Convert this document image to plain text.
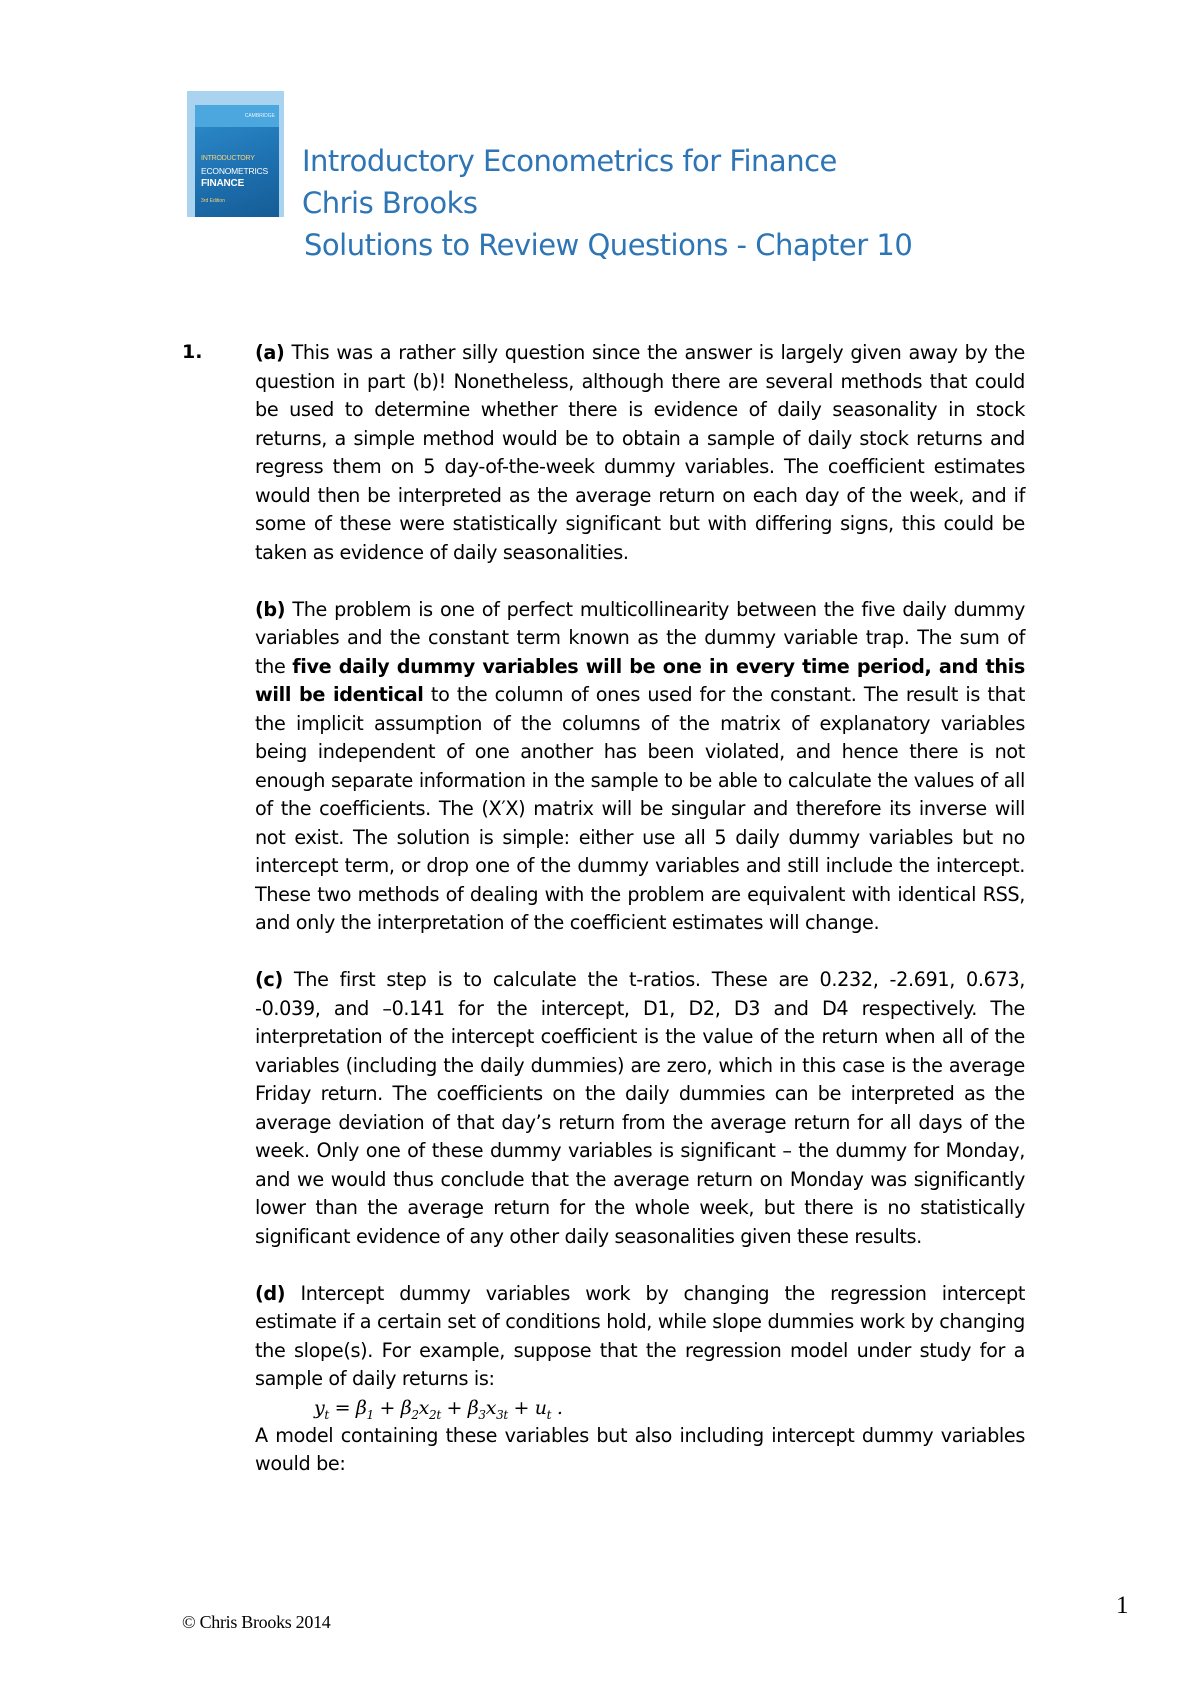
CAMBRIDGE
INTRODUCTORY
ECONOMETRICS
FINANCE
3rd Edition
Introductory Econometrics for Finance
Chris Brooks
Solutions to Review Questions - Chapter 10
1.	(a) This was a rather silly question since the answer is largely given away by the question in part (b)! Nonetheless, although there are several methods that could be used to determine whether there is evidence of daily seasonality in stock returns, a simple method would be to obtain a sample of daily stock returns and regress them on 5 day-of-the-week dummy variables. The coefficient estimates would then be interpreted as the average return on each day of the week, and if some of these were statistically significant but with differing signs, this could be taken as evidence of daily seasonalities.

(b) The problem is one of perfect multicollinearity between the five daily dummy variables and the constant term known as the dummy variable trap. The sum of the five daily dummy variables will be one in every time period, and this will be identical to the column of ones used for the constant. The result is that the implicit assumption of the columns of the matrix of explanatory variables being independent of one another has been violated, and hence there is not enough separate information in the sample to be able to calculate the values of all of the coefficients. The (X′X) matrix will be singular and therefore its inverse will not exist. The solution is simple: either use all 5 daily dummy variables but no intercept term, or drop one of the dummy variables and still include the intercept. These two methods of dealing with the problem are equivalent with identical RSS, and only the interpretation of the coefficient estimates will change.

(c) The first step is to calculate the t-ratios. These are 0.232, -2.691, 0.673, -0.039, and –0.141 for the intercept, D1, D2, D3 and D4 respectively. The interpretation of the intercept coefficient is the value of the return when all of the variables (including the daily dummies) are zero, which in this case is the average Friday return. The coefficients on the daily dummies can be interpreted as the average deviation of that day’s return from the average return for all days of the week. Only one of these dummy variables is significant – the dummy for Monday, and we would thus conclude that the average return on Monday was significantly lower than the average return for the whole week, but there is no statistically significant evidence of any other daily seasonalities given these results.

(d) Intercept dummy variables work by changing the regression intercept estimate if a certain set of conditions hold, while slope dummies work by changing the slope(s). For example, suppose that the regression model under study for a sample of daily returns is:

$y_t = \beta_1 + \beta_2x_{2t} + \beta_3x_{3t} + u_t$ .

A model containing these variables but also including intercept dummy variables would be:

© Chris Brooks 2014
1
